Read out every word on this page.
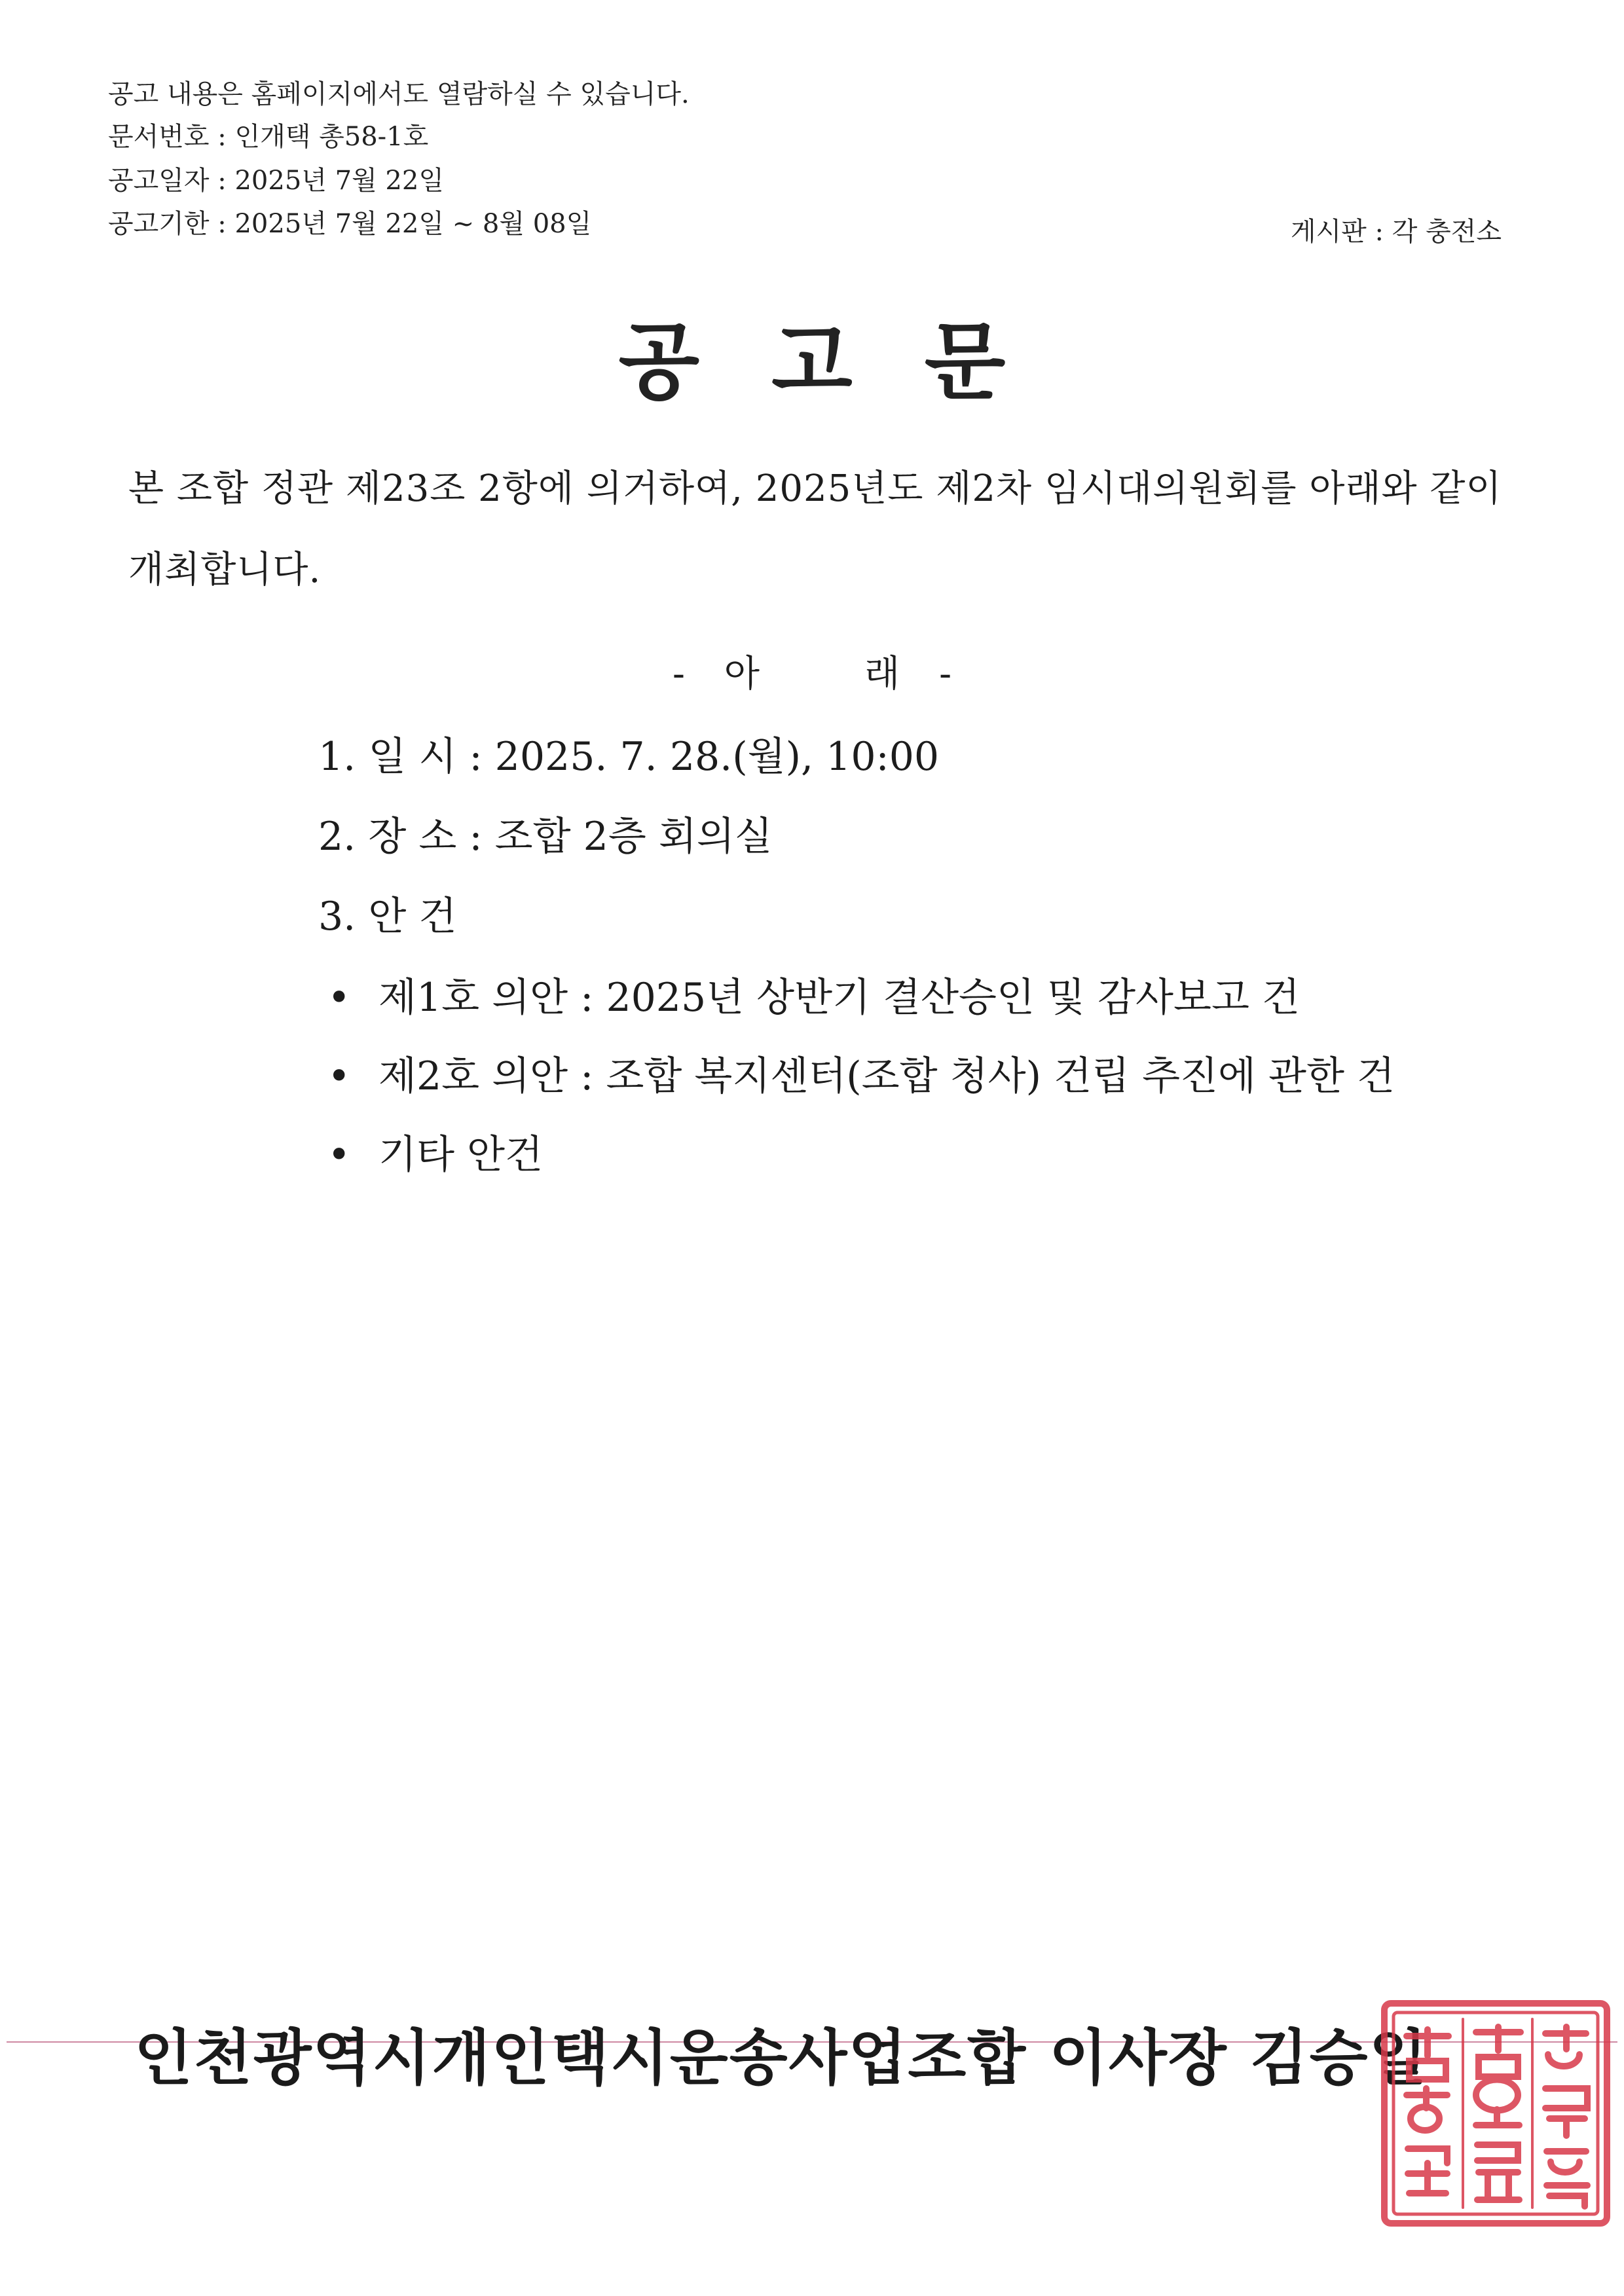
공고 내용은 홈페이지에서도 열람하실 수 있습니다.
문서번호 : 인개택 총58-1호
공고일자 : 2025년 7월 22일
공고기한 : 2025년 7월 22일 ~ 8월 08일	게시판 : 각 충전소
공고문
본 조합 정관 제23조 2항에 의거하여, 2025년도 제2차 임시대의원회를 아래와 같이 개최합니다.
- 아	래 -
1. 일 시 : 2025. 7. 28.(월), 10:00
2. 장 소 : 조합 2층 회의실
3. 안 건
• 제1호 의안 : 2025년 상반기 결산승인 및 감사보고 건
• 제2호 의안 : 조합 복지센터(조합 청사) 건립 추진에 관한 건
• 기타 안건
인천광역시개인택시운송사업조합 이사장 김승일
